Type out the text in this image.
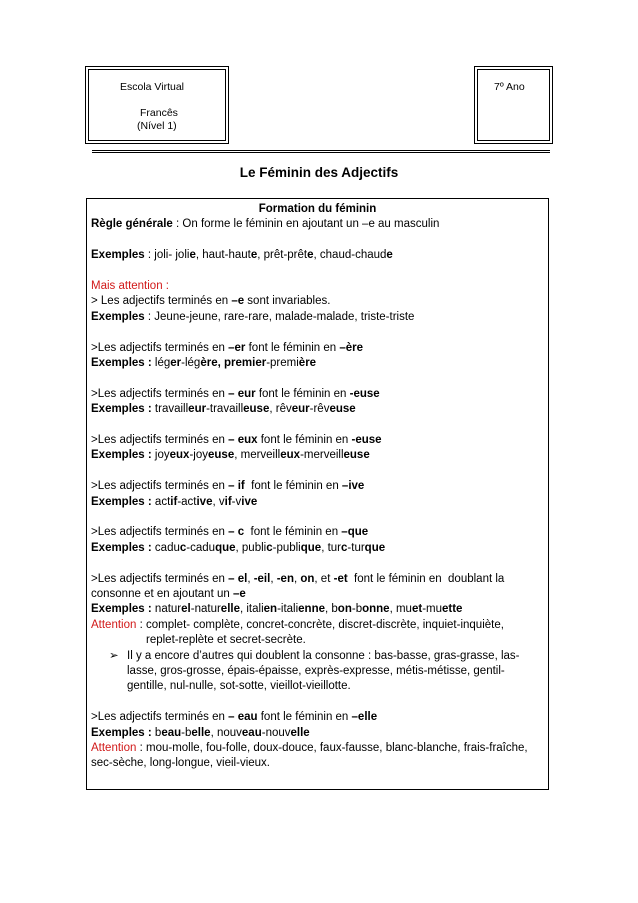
Escola Virtual
Francês
(Nível 1)
7º Ano
Le Féminin des Adjectifs
Formation du féminin
Règle générale : On forme le féminin en ajoutant un –e au masculin
Exemples : joli- jolie, haut-haute, prêt-prête, chaud-chaude
Mais attention :
> Les adjectifs terminés en –e sont invariables.
Exemples : Jeune-jeune, rare-rare, malade-malade, triste-triste
>Les adjectifs terminés en –er font le féminin en –ère
Exemples : léger-légère, premier-première
>Les adjectifs terminés en – eur font le féminin en -euse
Exemples : travailleur-travailleuse, rêveur-rêveuse
>Les adjectifs terminés en – eux font le féminin en -euse
Exemples : joyeux-joyeuse, merveilleux-merveilleuse
>Les adjectifs terminés en – if  font le féminin en –ive
Exemples : actif-active, vif-vive
>Les adjectifs terminés en – c  font le féminin en –que
Exemples : caduc-caduque, public-publique, turc-turque
>Les adjectifs terminés en – el, -eil, -en, on, et -et  font le féminin en  doublant la
consonne et en ajoutant un –e
Exemples : naturel-naturelle, italien-italienne, bon-bonne, muet-muette
Attention : complet- complète, concret-concrète, discret-discrète, inquiet-inquiète,
replet-replète et secret-secrète.
➢ Il y a encore d’autres qui doublent la consonne : bas-basse, gras-grasse, las-
lasse, gros-grosse, épais-épaisse, exprès-expresse, métis-métisse, gentil-
gentille, nul-nulle, sot-sotte, vieillot-vieillotte.
>Les adjectifs terminés en – eau font le féminin en –elle
Exemples : beau-belle, nouveau-nouvelle
Attention : mou-molle, fou-folle, doux-douce, faux-fausse, blanc-blanche, frais-fraîche,
sec-sèche, long-longue, vieil-vieux.
